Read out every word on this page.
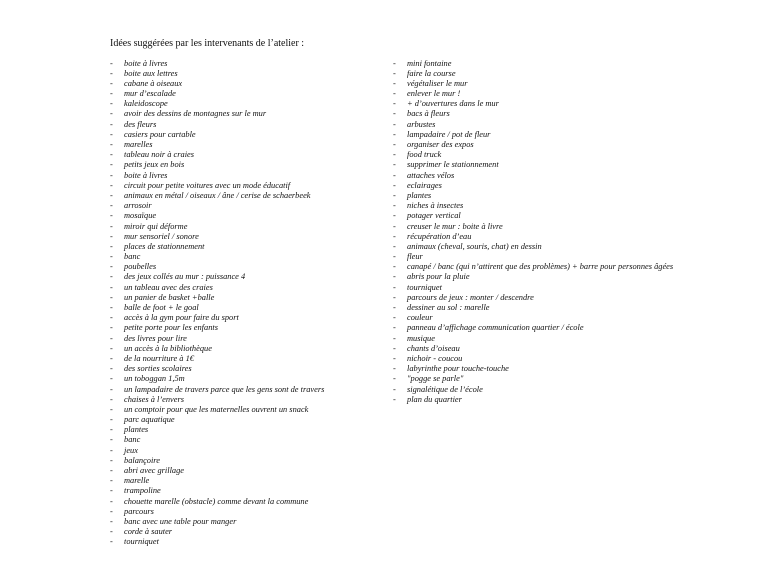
Idées suggérées par les intervenants de l’atelier :
- boite à livres
- boite aux lettres
- cabane à oiseaux
- mur d’escalade
- kaleidoscope
- avoir des dessins de montagnes sur le mur
- des fleurs
- casiers pour cartable
- marelles
- tableau noir à craies
- petits jeux en bois
- boite à livres
- circuit pour petite voitures avec un mode éducatif
- animaux en métal / oiseaux / âne / cerise de schaerbeek
- arrosoir
- mosaïque
- miroir qui déforme
- mur sensoriel / sonore
- places de stationnement
- banc
- poubelles
- des jeux collés au mur : puissance 4
- un tableau avec des craies
- un panier de basket +balle
- balle de foot + le goal
- accès à la gym pour faire du sport
- petite porte pour les enfants
- des livres pour lire
- un accès à la bibliothèque
- de la nourriture à 1€
- des sorties scolaires
- un toboggan 1,5m
- un lampadaire de travers parce que les gens sont de travers
- chaises à l’envers
- un comptoir pour que les maternelles ouvrent un snack
- parc aquatique
- plantes
- banc
- jeux
- balançoire
- abri avec grillage
- marelle
- trampoline
- chouette marelle (obstacle) comme devant la commune
- parcours
- banc avec une table pour manger
- corde à sauter
- tourniquet
- mini fontaine
- faire la course
- végétaliser le mur
- enlever le mur !
- + d’ouvertures dans le mur
- bacs à fleurs
- arbustes
- lampadaire / pot de fleur
- organiser des expos
- food truck
- supprimer le stationnement
- attaches vélos
- eclairages
- plantes
- niches à insectes
- potager vertical
- creuser le mur : boite à livre
- récupération d’eau
- animaux (cheval, souris, chat) en dessin
- fleur
- canapé / banc (qui n’attirent que des problèmes) + barre pour personnes âgées
- abris pour la pluie
- tourniquet
- parcours de jeux : monter / descendre
- dessiner au sol : marelle
- couleur
- panneau d’affichage communication quartier / école
- musique
- chants d’oiseau
- nichoir - coucou
- labyrinthe pour touche-touche
- "pogge se parle"
- signalétique de l’école
- plan du quartier
